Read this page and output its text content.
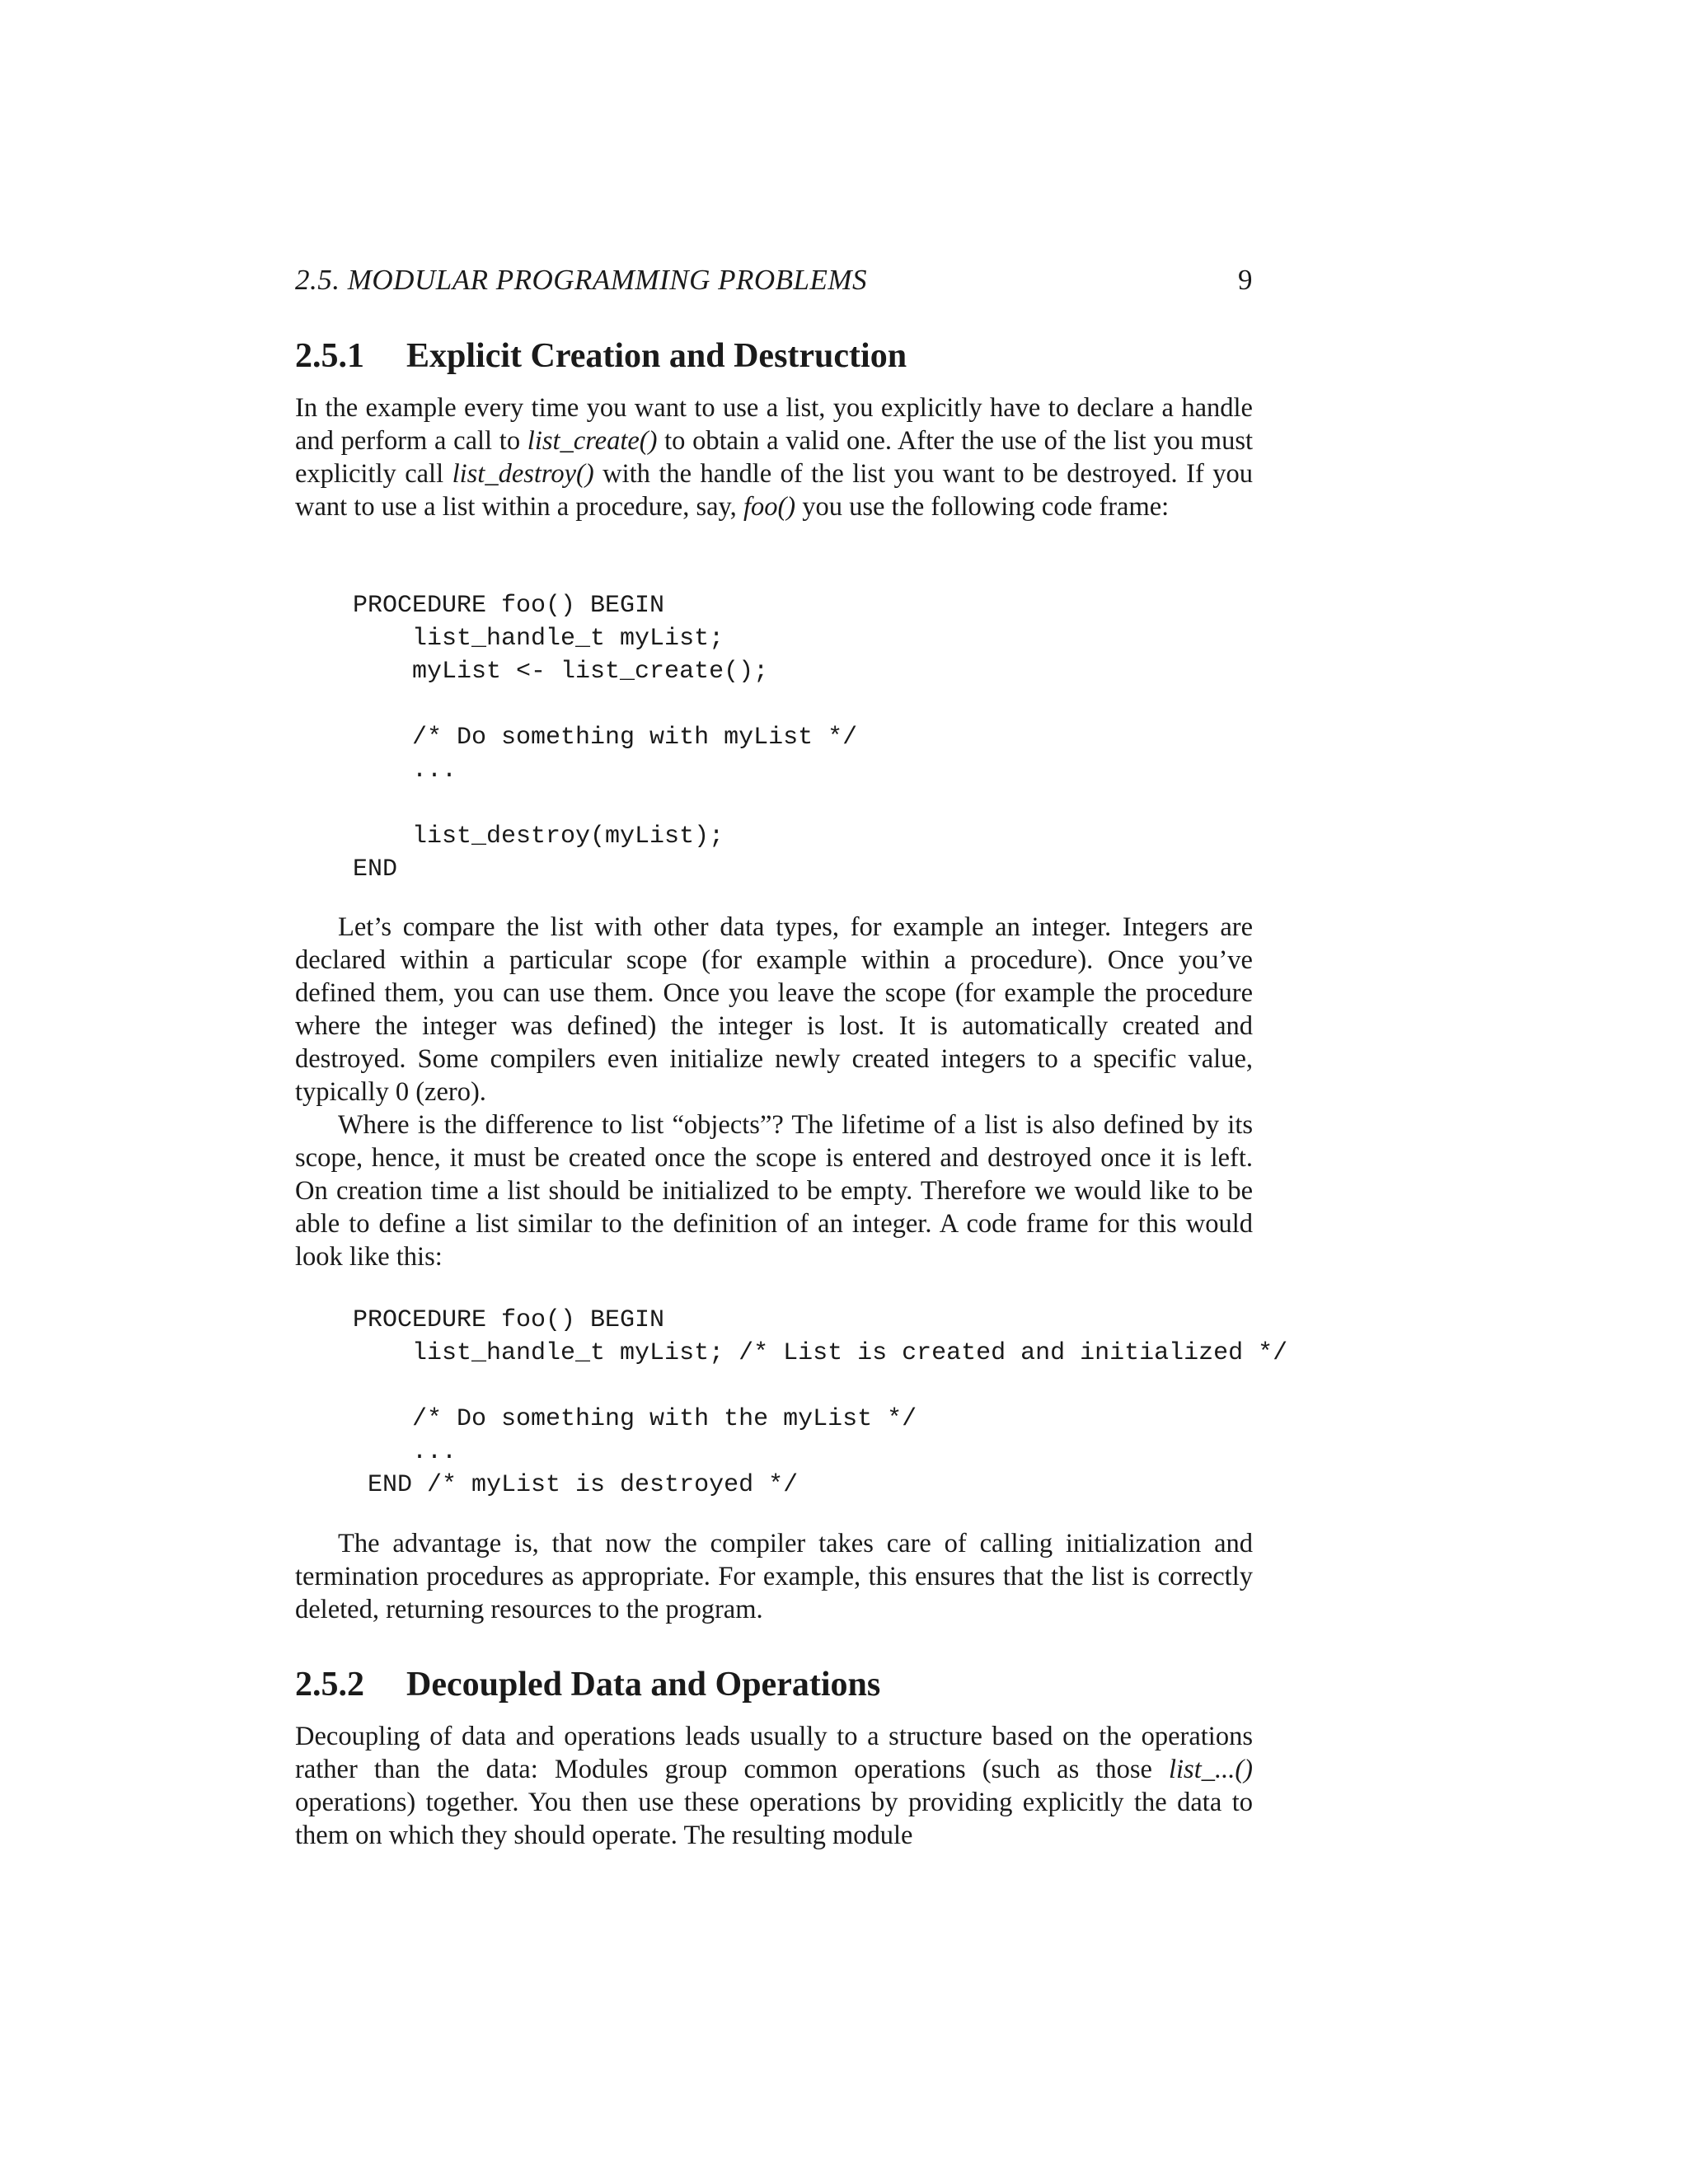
2.5. MODULAR PROGRAMMING PROBLEMS	9
2.5.1 Explicit Creation and Destruction

In the example every time you want to use a list, you explicitly have to declare a handle and perform a call to list_create() to obtain a valid one. After the use of the list you must explicitly call list_destroy() with the handle of the list you want to be destroyed. If you want to use a list within a procedure, say, foo() you use the following code frame:

PROCEDURE foo() BEGIN
list_handle_t myList;
myList <- list_create();

/* Do something with myList */
...

list_destroy(myList);
END

Let’s compare the list with other data types, for example an integer. Integers are declared within a particular scope (for example within a procedure). Once you’ve defined them, you can use them. Once you leave the scope (for example the procedure where the integer was defined) the integer is lost. It is automatically created and destroyed. Some compilers even initialize newly created integers to a specific value, typically 0 (zero).

Where is the difference to list “objects”? The lifetime of a list is also defined by its scope, hence, it must be created once the scope is entered and destroyed once it is left. On creation time a list should be initialized to be empty. Therefore we would like to be able to define a list similar to the definition of an integer. A code frame for this would look like this:

PROCEDURE foo() BEGIN
list_handle_t myList; /* List is created and initialized */

/* Do something with the myList */
...
END /* myList is destroyed */

The advantage is, that now the compiler takes care of calling initialization and termination procedures as appropriate. For example, this ensures that the list is correctly deleted, returning resources to the program.

2.5.2 Decoupled Data and Operations

Decoupling of data and operations leads usually to a structure based on the operations rather than the data: Modules group common operations (such as those list_...() operations) together. You then use these operations by providing explicitly the data to them on which they should operate. The resulting module
